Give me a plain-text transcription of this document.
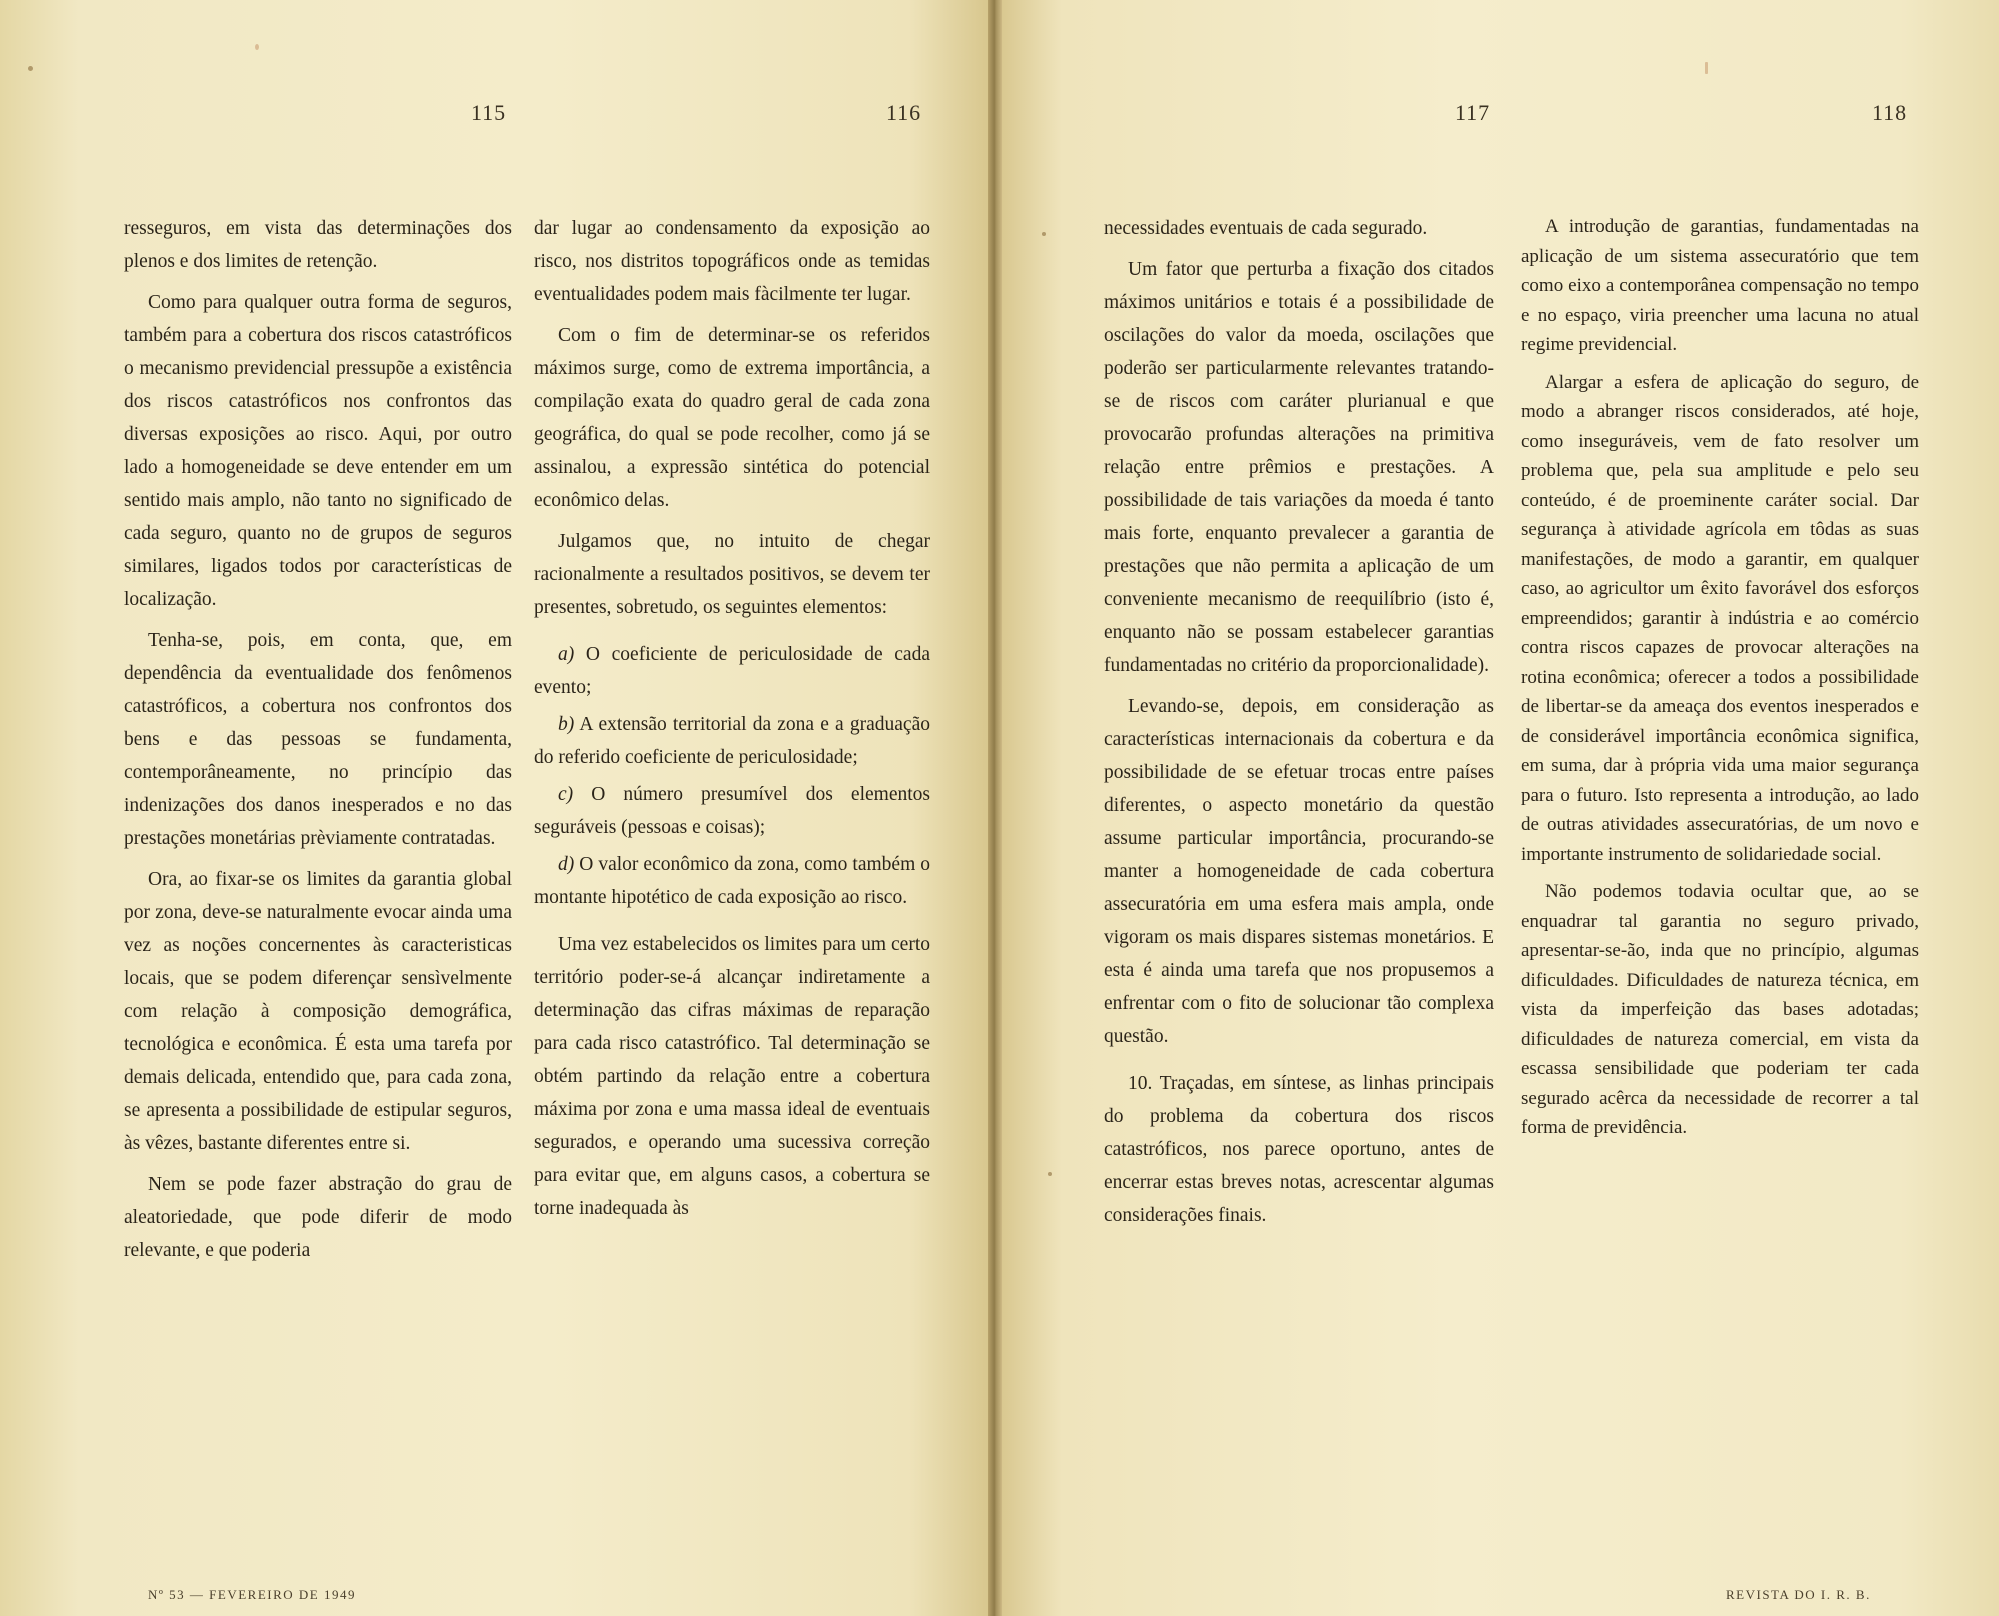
115	116

resseguros, em vista das determinações dos plenos e dos limites de retenção.

Como para qualquer outra forma de seguros, também para a cobertura dos riscos catastróficos o mecanismo previdencial pressupõe a existência dos riscos catastróficos nos confrontos das diversas exposições ao risco. Aqui, por outro lado a homogeneidade se deve entender em um sentido mais amplo, não tanto no significado de cada seguro, quanto no de grupos de seguros similares, ligados todos por características de localização.

Tenha-se, pois, em conta, que, em dependência da eventualidade dos fenômenos catastróficos, a cobertura nos confrontos dos bens e das pessoas se fundamenta, contemporâneamente, no princípio das indenizações dos danos inesperados e no das prestações monetárias prèviamente contratadas.

Ora, ao fixar-se os limites da garantia global por zona, deve-se naturalmente evocar ainda uma vez as noções concernentes às caracteristicas locais, que se podem diferençar sensìvelmente com relação à composição demográfica, tecnológica e econômica. É esta uma tarefa por demais delicada, entendido que, para cada zona, se apresenta a possibilidade de estipular seguros, às vêzes, bastante diferentes entre si.

Nem se pode fazer abstração do grau de aleatoriedade, que pode diferir de modo relevante, e que poderia

dar lugar ao condensamento da exposição ao risco, nos distritos topográficos onde as temidas eventualidades podem mais fàcilmente ter lugar.

Com o fim de determinar-se os referidos máximos surge, como de extrema importância, a compilação exata do quadro geral de cada zona geográfica, do qual se pode recolher, como já se assinalou, a expressão sintética do potencial econômico delas.

Julgamos que, no intuito de chegar racionalmente a resultados positivos, se devem ter presentes, sobretudo, os seguintes elementos:

a) O coeficiente de periculosidade de cada evento;

b) A extensão territorial da zona e a graduação do referido coeficiente de periculosidade;

c) O número presumível dos elementos seguráveis (pessoas e coisas);

d) O valor econômico da zona, como também o montante hipotético de cada exposição ao risco.

Uma vez estabelecidos os limites para um certo território poder-se-á alcançar indiretamente a determinação das cifras máximas de reparação para cada risco catastrófico. Tal determinação se obtém partindo da relação entre a cobertura máxima por zona e uma massa ideal de eventuais segurados, e operando uma sucessiva correção para evitar que, em alguns casos, a cobertura se torne inadequada às

Nº 53 — FEVEREIRO DE 1949
117	118

necessidades eventuais de cada segurado.

Um fator que perturba a fixação dos citados máximos unitários e totais é a possibilidade de oscilações do valor da moeda, oscilações que poderão ser particularmente relevantes tratando-se de riscos com caráter plurianual e que provocarão profundas alterações na primitiva relação entre prêmios e prestações. A possibilidade de tais variações da moeda é tanto mais forte, enquanto prevalecer a garantia de prestações que não permita a aplicação de um conveniente mecanismo de reequilíbrio (isto é, enquanto não se possam estabelecer garantias fundamentadas no critério da proporcionalidade).

Levando-se, depois, em consideração as características internacionais da cobertura e da possibilidade de se efetuar trocas entre países diferentes, o aspecto monetário da questão assume particular importância, procurando-se manter a homogeneidade de cada cobertura assecuratória em uma esfera mais ampla, onde vigoram os mais dispares sistemas monetários. E esta é ainda uma tarefa que nos propusemos a enfrentar com o fito de solucionar tão complexa questão.

10. Traçadas, em síntese, as linhas principais do problema da cobertura dos riscos catastróficos, nos parece oportuno, antes de encerrar estas breves notas, acrescentar algumas considerações finais.

A introdução de garantias, fundamentadas na aplicação de um sistema assecuratório que tem como eixo a contemporânea compensação no tempo e no espaço, viria preencher uma lacuna no atual regime previdencial.

Alargar a esfera de aplicação do seguro, de modo a abranger riscos considerados, até hoje, como inseguráveis, vem de fato resolver um problema que, pela sua amplitude e pelo seu conteúdo, é de proeminente caráter social. Dar segurança à atividade agrícola em tôdas as suas manifestações, de modo a garantir, em qualquer caso, ao agricultor um êxito favorável dos esforços empreendidos; garantir à indústria e ao comércio contra riscos capazes de provocar alterações na rotina econômica; oferecer a todos a possibilidade de libertar-se da ameaça dos eventos inesperados e de considerável importância econômica significa, em suma, dar à própria vida uma maior segurança para o futuro. Isto representa a introdução, ao lado de outras atividades assecuratórias, de um novo e importante instrumento de solidariedade social.

Não podemos todavia ocultar que, ao se enquadrar tal garantia no seguro privado, apresentar-se-ão, inda que no princípio, algumas dificuldades. Dificuldades de natureza técnica, em vista da imperfeição das bases adotadas; dificuldades de natureza comercial, em vista da escassa sensibilidade que poderiam ter cada segurado acêrca da necessidade de recorrer a tal forma de previdência.

REVISTA DO I. R. B.
